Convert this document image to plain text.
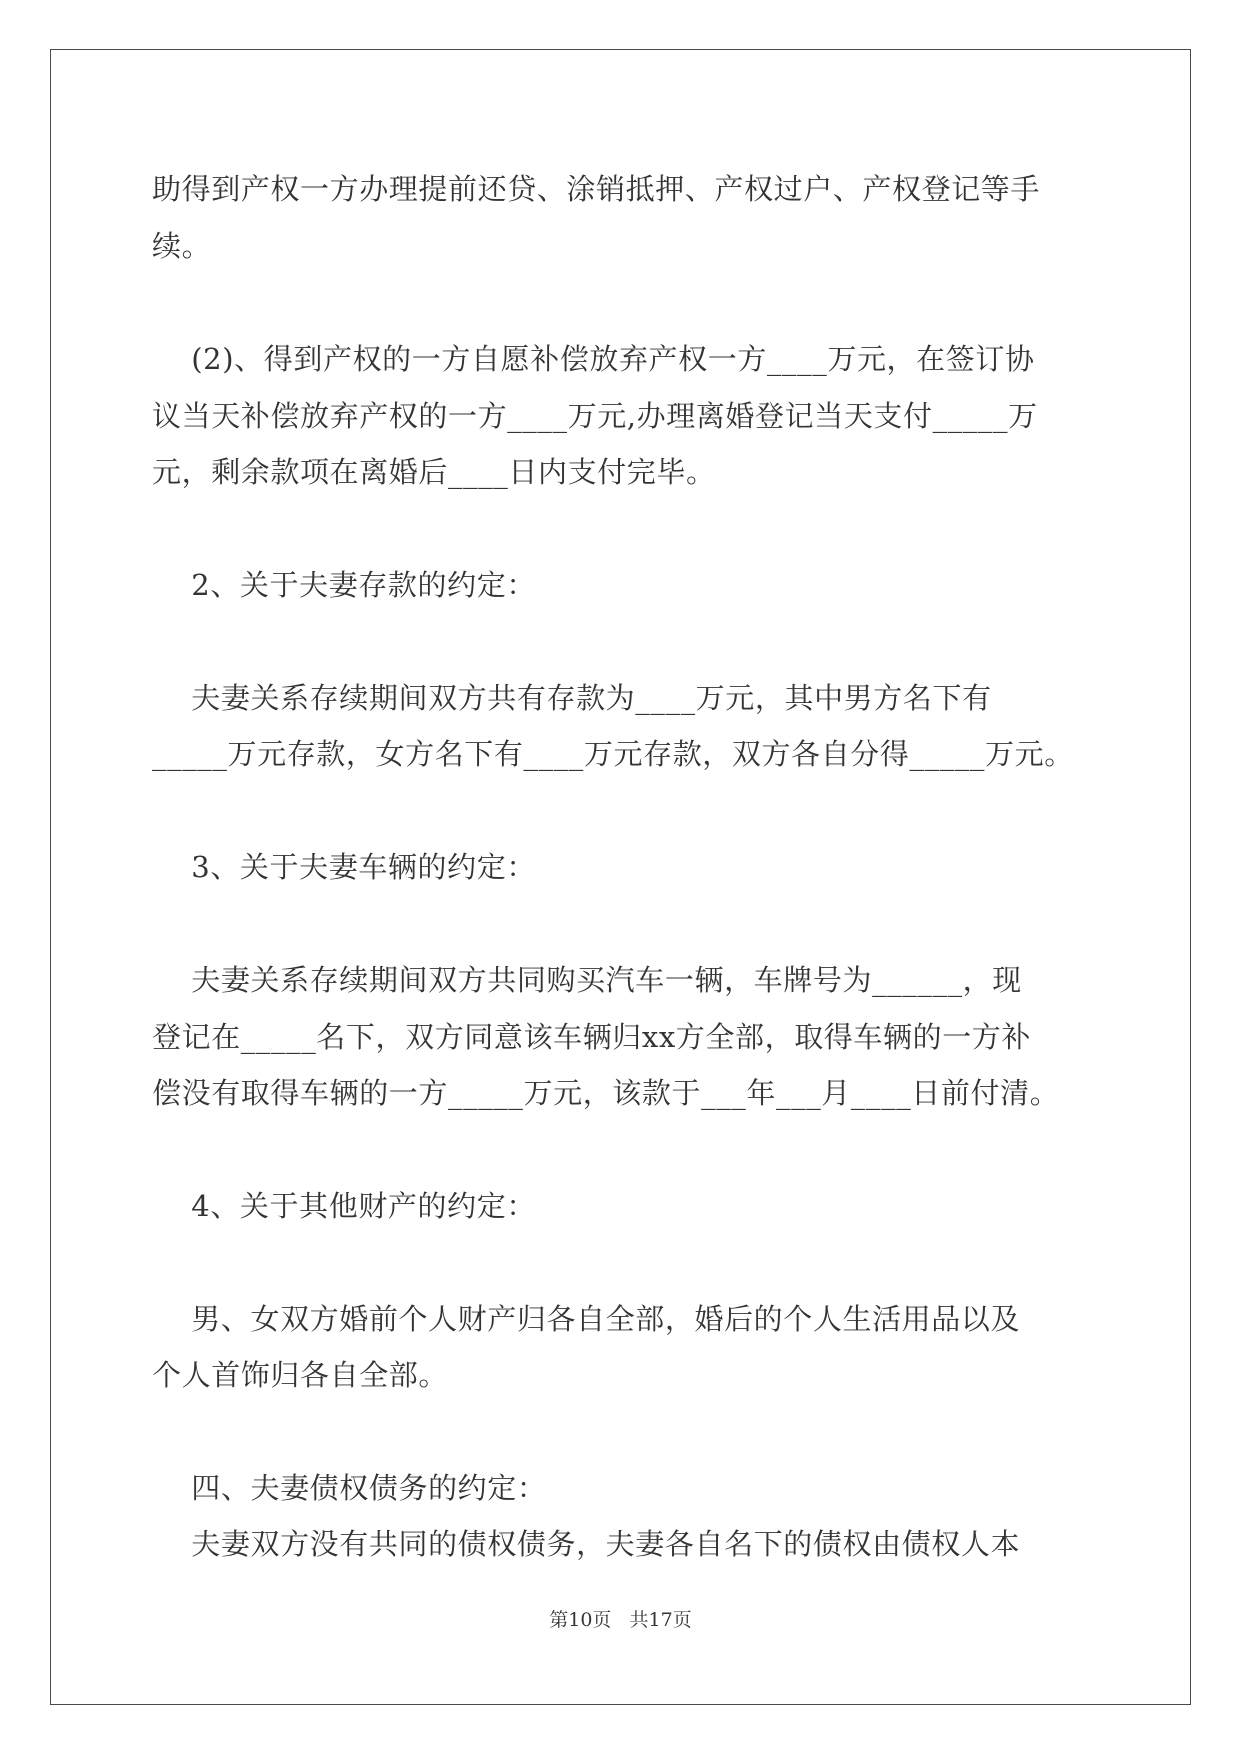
助得到产权一方办理提前还贷、涂销抵押、产权过户、产权登记等手
续。
(2)、得到产权的一方自愿补偿放弃产权一方____万元，在签订协
议当天补偿放弃产权的一方____万元,办理离婚登记当天支付_____万
元，剩余款项在离婚后____日内支付完毕。
2、关于夫妻存款的约定：
夫妻关系存续期间双方共有存款为____万元，其中男方名下有
_____万元存款，女方名下有____万元存款，双方各自分得_____万元。
3、关于夫妻车辆的约定：
夫妻关系存续期间双方共同购买汽车一辆，车牌号为______，现
登记在_____名下，双方同意该车辆归xx方全部，取得车辆的一方补
偿没有取得车辆的一方_____万元，该款于___年___月____日前付清。
4、关于其他财产的约定：
男、女双方婚前个人财产归各自全部，婚后的个人生活用品以及
个人首饰归各自全部。
四、夫妻债权债务的约定：
夫妻双方没有共同的债权债务，夫妻各自名下的债权由债权人本
第10页   共17页
